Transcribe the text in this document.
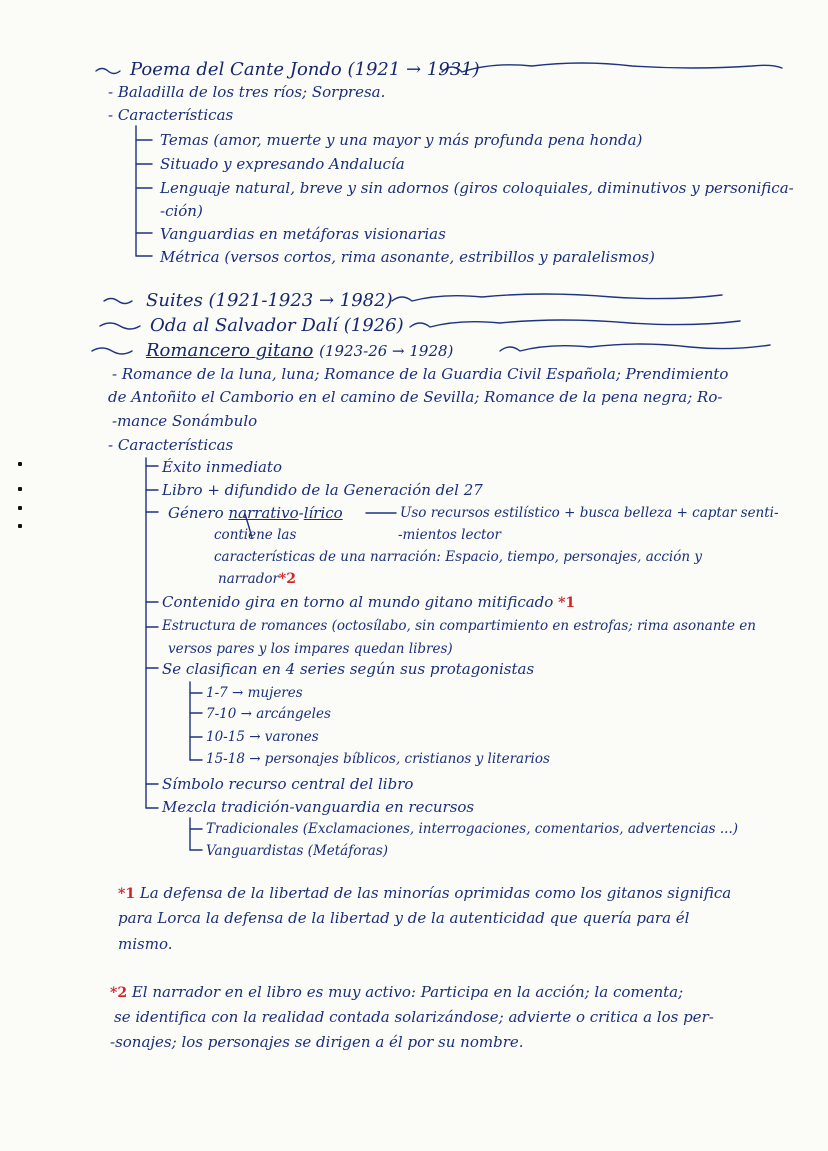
Poema del Cante Jondo (1921 → 1931)
- Baladilla de los tres ríos; Sorpresa.
- Características
Temas (amor, muerte y una mayor y más profunda pena honda)
Situado y expresando Andalucía
Lenguaje natural, breve y sin adornos (giros coloquiales, diminutivos y personifica-
-ción)
Vanguardias en metáforas visionarias
Métrica (versos cortos, rima asonante, estribillos y paralelismos)
Suites (1921-1923 → 1982)
Oda al Salvador Dalí (1926)
Romancero gitano (1923-26 → 1928)
- Romance de la luna, luna; Romance de la Guardia Civil Española; Prendimiento
de Antoñito el Camborio en el camino de Sevilla; Romance de la pena negra; Ro-
-mance Sonámbulo
- Características
Éxito inmediato
Libro + difundido de la Generación del 27
Género narrativo-lírico	Uso recursos estilístico + busca belleza + captar senti-
-mientos lector
contiene las
características de una narración: Espacio, tiempo, personajes, acción y
narrador*2
Contenido gira en torno al mundo gitano mitificado *1
Estructura de romances (octosílabo, sin compartimiento en estrofas; rima asonante en
versos pares y los impares quedan libres)
Se clasifican en 4 series según sus protagonistas
1-7 → mujeres
7-10 → arcángeles
10-15 → varones
15-18 → personajes bíblicos, cristianos y literarios
Símbolo recurso central del libro
Mezcla tradición-vanguardia en recursos
Tradicionales (Exclamaciones, interrogaciones, comentarios, advertencias ...)
Vanguardistas (Metáforas)
*1 La defensa de la libertad de las minorías oprimidas como los gitanos significa
para Lorca la defensa de la libertad y de la autenticidad que quería para él
mismo.
*2 El narrador en el libro es muy activo: Participa en la acción; la comenta;
se identifica con la realidad contada solarizándose; advierte o critica a los per-
-sonajes; los personajes se dirigen a él por su nombre.
